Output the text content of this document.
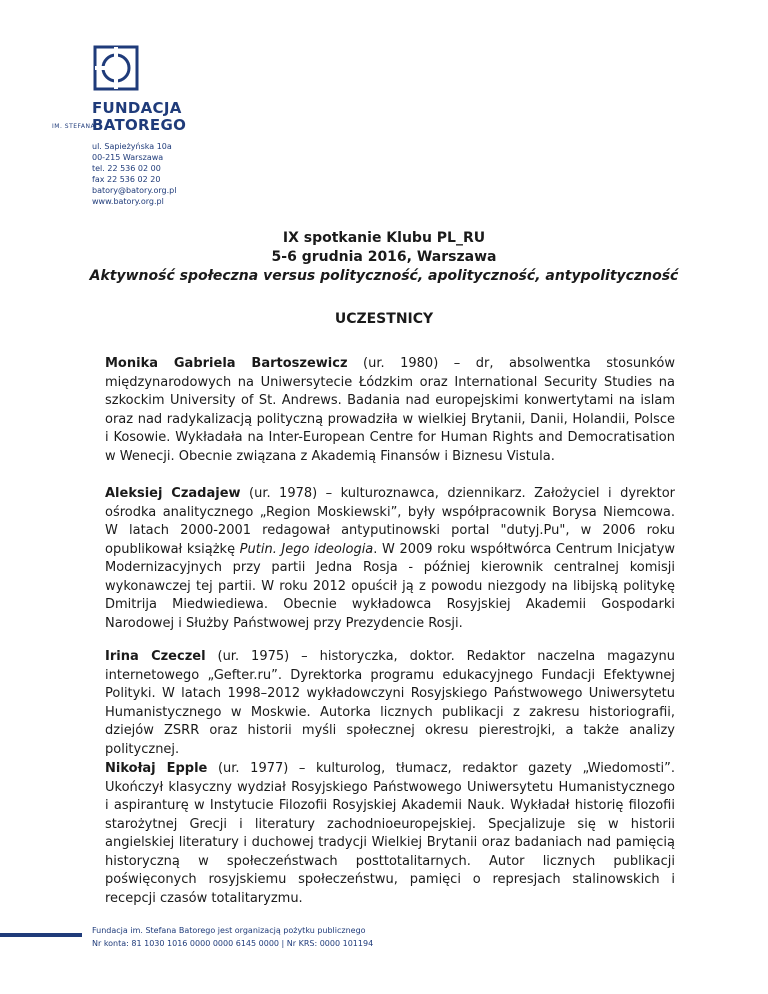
FUNDACJA
BATOREGO
IM. STEFANA
ul. Sapieżyńska 10a
00-215 Warszawa
tel. 22 536 02 00
fax 22 536 02 20
batory@batory.org.pl
www.batory.org.pl
IX spotkanie Klubu PL_RU
5-6 grudnia 2016, Warszawa
Aktywność społeczna versus polityczność, apolityczność, antypolityczność
UCZESTNICY

Monika Gabriela Bartoszewicz (ur. 1980) – dr, absolwentka stosunków międzynarodowych na Uniwersytecie Łódzkim oraz International Security Studies na szkockim University of St. Andrews. Badania nad europejskimi konwertytami na islam oraz nad radykalizacją polityczną prowadziła w wielkiej Brytanii, Danii, Holandii, Polsce i Kosowie. Wykładała na Inter-European Centre for Human Rights and Democratisation w Wenecji. Obecnie związana z Akademią Finansów i Biznesu Vistula.

Aleksiej Czadajew (ur. 1978) – kulturoznawca, dziennikarz. Założyciel i dyrektor ośrodka analitycznego „Region Moskiewski”, były współpracownik Borysa Niemcowa. W latach 2000-2001 redagował antyputinowski portal "dutyj.Pu", w 2006 roku opublikował książkę Putin. Jego ideologia. W 2009 roku współtwórca Centrum Inicjatyw Modernizacyjnych przy partii Jedna Rosja - później kierownik centralnej komisji wykonawczej tej partii. W roku 2012 opuścił ją z powodu niezgody na libijską politykę Dmitrija Miedwiediewa. Obecnie wykładowca Rosyjskiej Akademii Gospodarki Narodowej i Służby Państwowej przy Prezydencie Rosji.

Irina Czeczel (ur. 1975) – historyczka, doktor. Redaktor naczelna magazynu internetowego „Gefter.ru”. Dyrektorka programu edukacyjnego Fundacji Efektywnej Polityki. W latach 1998–2012 wykładowczyni Rosyjskiego Państwowego Uniwersytetu Humanistycznego w Moskwie. Autorka licznych publikacji z zakresu historiografii, dziejów ZSRR oraz historii myśli społecznej okresu pierestrojki, a także analizy politycznej.

Nikołaj Epple (ur. 1977) – kulturolog, tłumacz, redaktor gazety „Wiedomosti”. Ukończył klasyczny wydział Rosyjskiego Państwowego Uniwersytetu Humanistycznego i aspiranturę w Instytucie Filozofii Rosyjskiej Akademii Nauk. Wykładał historię filozofii starożytnej Grecji i literatury zachodnioeuropejskiej. Specjalizuje się w historii angielskiej literatury i duchowej tradycji Wielkiej Brytanii oraz badaniach nad pamięcią historyczną w społeczeństwach posttotalitarnych. Autor licznych publikacji poświęconych rosyjskiemu społeczeństwu, pamięci o represjach stalinowskich i recepcji czasów totalitaryzmu.

Fundacja im. Stefana Batorego jest organizacją pożytku publicznego
Nr konta: 81 1030 1016 0000 0000 6145 0000 | Nr KRS: 0000 101194
